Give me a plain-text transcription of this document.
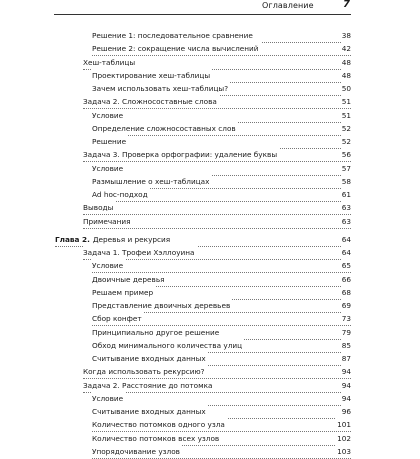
Оглавление	7
Решение 1: последовательное сравнение	38
Решение 2: сокращение числа вычислений	42
Хеш-таблицы	48
Проектирование хеш-таблицы	48
Зачем использовать хеш-таблицы?	50
Задача 2. Сложносоставные слова	51
Условие	51
Определение сложносоставных слов	52
Решение	52
Задача 3. Проверка орфографии: удаление буквы	56
Условие	57
Размышление о хеш-таблицах	58
Ad hoc-подход	61
Выводы	63
Примечания	63
Глава 2. Деревья и рекурсия	64
Задача 1. Трофеи Хэллоуина	64
Условие	65
Двоичные деревья	66
Решаем пример	68
Представление двоичных деревьев	69
Сбор конфет	73
Принципиально другое решение	79
Обход минимального количества улиц	85
Считывание входных данных	87
Когда использовать рекурсию?	94
Задача 2. Расстояние до потомка	94
Условие	94
Считывание входных данных	96
Количество потомков одного узла	101
Количество потомков всех узлов	102
Упорядочивание узлов	103
